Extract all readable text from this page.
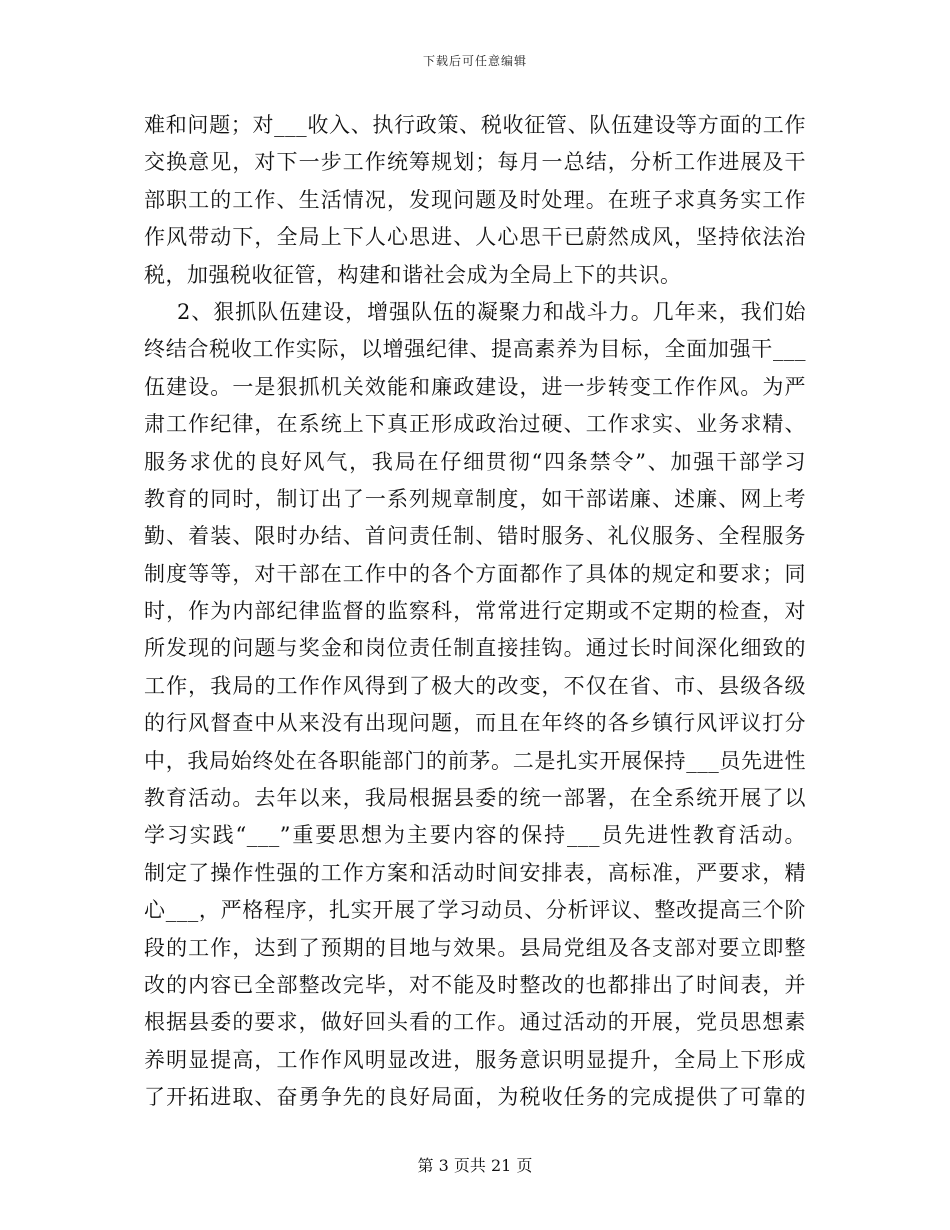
下载后可任意编辑
难和问题；对___收入、执行政策、税收征管、队伍建设等方面的工作
交换意见，对下一步工作统筹规划；每月一总结，分析工作进展及干
部职工的工作、生活情况，发现问题及时处理。在班子求真务实工作
作风带动下，全局上下人心思进、人心思干已蔚然成风，坚持依法治
税，加强税收征管，构建和谐社会成为全局上下的共识。
2、狠抓队伍建设，增强队伍的凝聚力和战斗力。几年来，我们始
终结合税收工作实际，以增强纪律、提高素养为目标，全面加强干___
伍建设。一是狠抓机关效能和廉政建设，进一步转变工作作风。为严
肃工作纪律，在系统上下真正形成政治过硬、工作求实、业务求精、
服务求优的良好风气，我局在仔细贯彻“四条禁令”、加强干部学习
教育的同时，制订出了一系列规章制度，如干部诺廉、述廉、网上考
勤、着装、限时办结、首问责任制、错时服务、礼仪服务、全程服务
制度等等，对干部在工作中的各个方面都作了具体的规定和要求；同
时，作为内部纪律监督的监察科，常常进行定期或不定期的检查，对
所发现的问题与奖金和岗位责任制直接挂钩。通过长时间深化细致的
工作，我局的工作作风得到了极大的改变，不仅在省、市、县级各级
的行风督查中从来没有出现问题，而且在年终的各乡镇行风评议打分
中，我局始终处在各职能部门的前茅。二是扎实开展保持___员先进性
教育活动。去年以来，我局根据县委的统一部署，在全系统开展了以
学习实践“___”重要思想为主要内容的保持___员先进性教育活动。
制定了操作性强的工作方案和活动时间安排表，高标准，严要求，精
心___，严格程序，扎实开展了学习动员、分析评议、整改提高三个阶
段的工作，达到了预期的目地与效果。县局党组及各支部对要立即整
改的内容已全部整改完毕，对不能及时整改的也都排出了时间表，并
根据县委的要求，做好回头看的工作。通过活动的开展，党员思想素
养明显提高，工作作风明显改进，服务意识明显提升，全局上下形成
了开拓进取、奋勇争先的良好局面，为税收任务的完成提供了可靠的
第 3 页共 21 页
